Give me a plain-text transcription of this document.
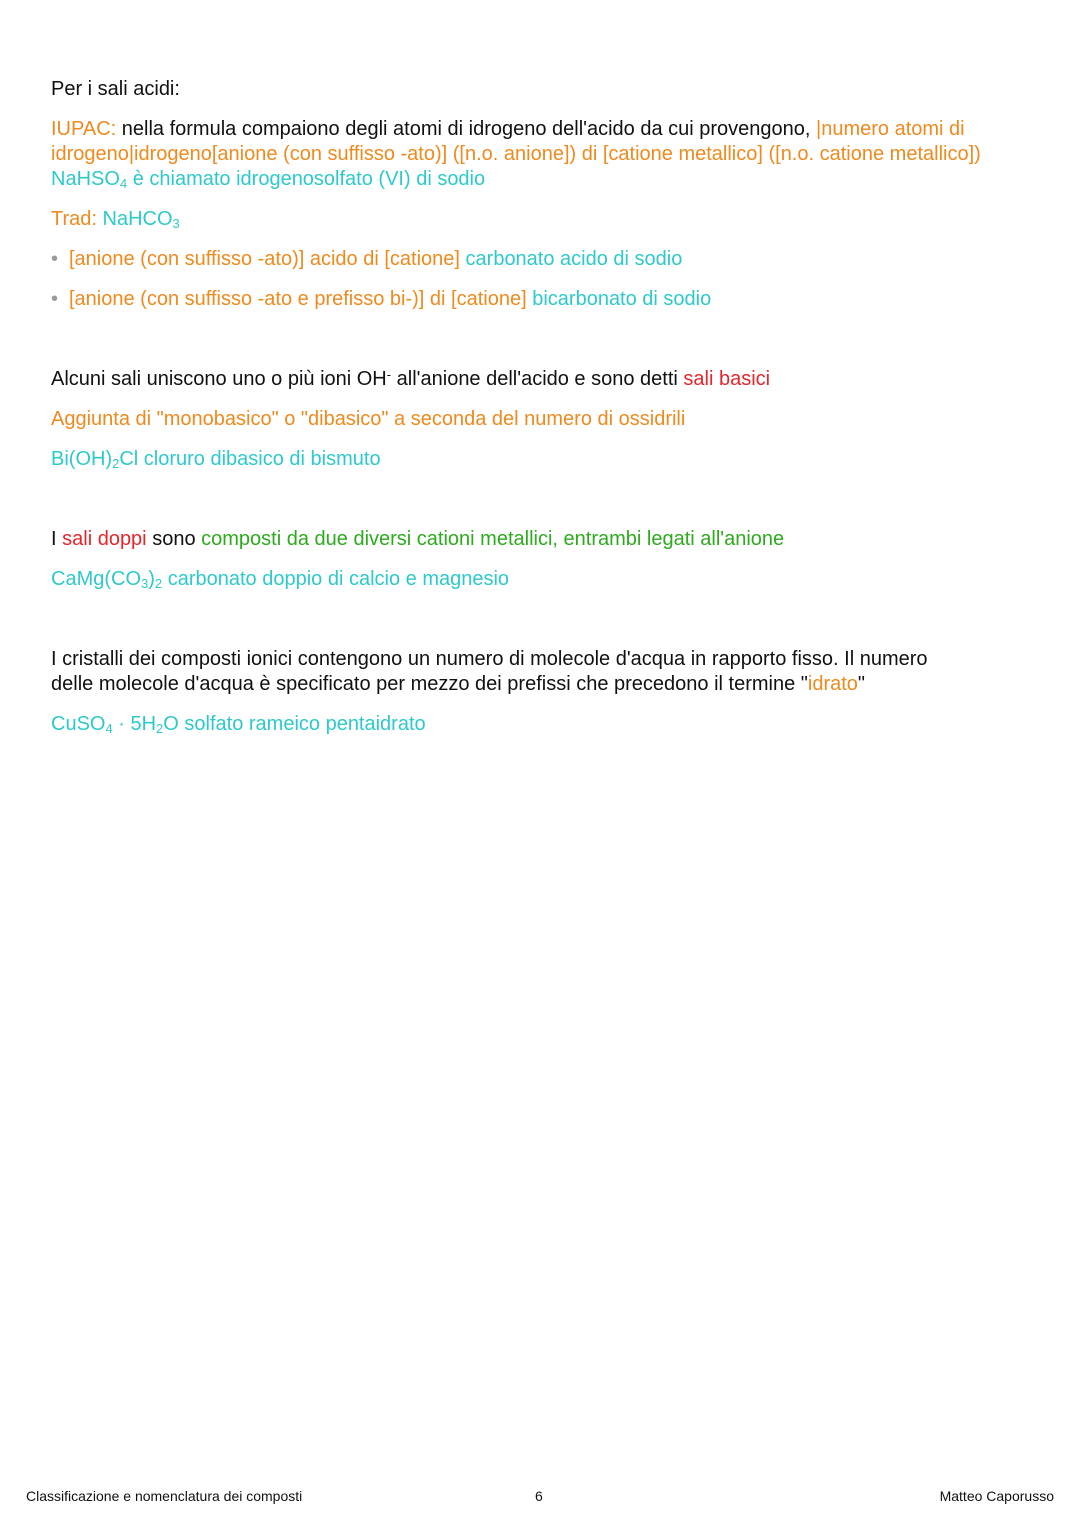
Per i sali acidi:
IUPAC: nella formula compaiono degli atomi di idrogeno dell'acido da cui provengono, |numero atomi di idrogeno|idrogeno[anione (con suffisso -ato)] ([n.o. anione]) di [catione metallico] ([n.o. catione metallico]) NaHSO$_4$ è chiamato idrogenosolfato (VI) di sodio
Trad: NaHCO$_3$
• [anione (con suffisso -ato)] acido di [catione] carbonato acido di sodio
• [anione (con suffisso -ato e prefisso bi-)] di [catione] bicarbonato di sodio
Alcuni sali uniscono uno o più ioni OH- all'anione dell'acido e sono detti sali basici
Aggiunta di "monobasico" o "dibasico" a seconda del numero di ossidrili
$Bi(OH)_2Cl$ cloruro dibasico di bismuto
I sali doppi sono composti da due diversi cationi metallici, entrambi legati all'anione
$CaMg(CO_3)_2$ carbonato doppio di calcio e magnesio
I cristalli dei composti ionici contengono un numero di molecole d'acqua in rapporto fisso. Il numero
delle molecole d'acqua è specificato per mezzo dei prefissi che precedono il termine "idrato"
CuSO$_4$ · $5H_2O$ solfato rameico pentaidrato
Classificazione e nomenclatura dei composti	6	Matteo Caporusso
